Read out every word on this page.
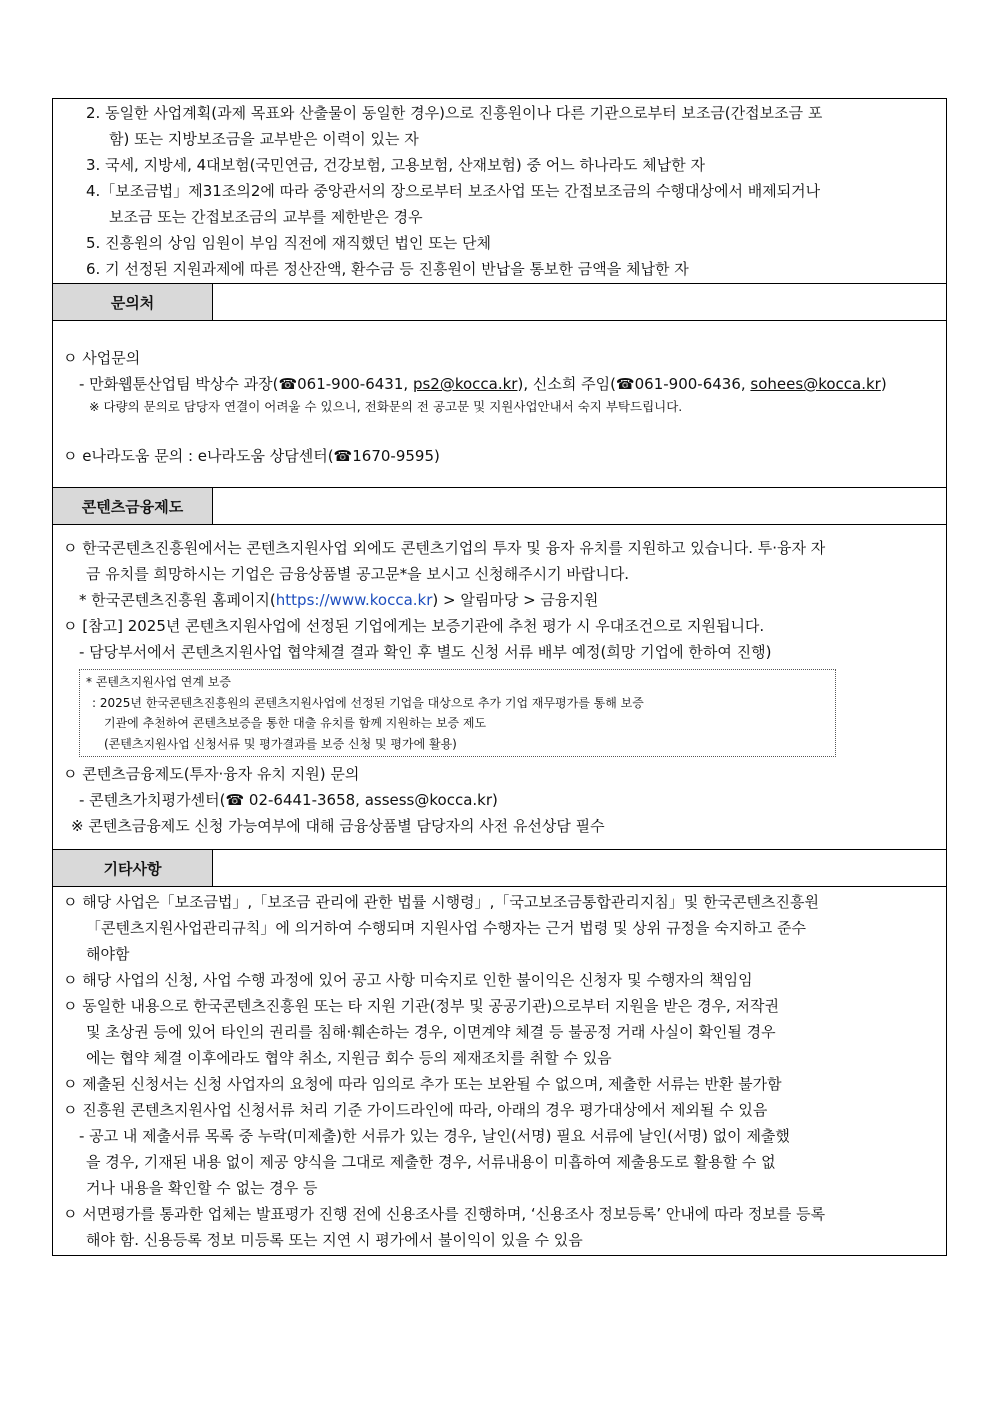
2. 동일한 사업계획(과제 목표와 산출물이 동일한 경우)으로 진흥원이나 다른 기관으로부터 보조금(간접보조금 포
함) 또는 지방보조금을 교부받은 이력이 있는 자
3. 국세, 지방세, 4대보험(국민연금, 건강보험, 고용보험, 산재보험) 중 어느 하나라도 체납한 자
4.「보조금법」제31조의2에 따라 중앙관서의 장으로부터 보조사업 또는 간접보조금의 수행대상에서 배제되거나
보조금 또는 간접보조금의 교부를 제한받은 경우
5. 진흥원의 상임 임원이 부임 직전에 재직했던 법인 또는 단체
6. 기 선정된 지원과제에 따른 정산잔액, 환수금 등 진흥원이 반납을 통보한 금액을 체납한 자
문의처
ㅇ 사업문의
- 만화웹툰산업팀 박상수 과장(☎061-900-6431, ps2@kocca.kr), 신소희 주임(☎061-900-6436, sohees@kocca.kr)
※ 다량의 문의로 담당자 연결이 어려울 수 있으니, 전화문의 전 공고문 및 지원사업안내서 숙지 부탁드립니다.
ㅇ e나라도움 문의 : e나라도움 상담센터(☎1670-9595)
콘텐츠금융제도
ㅇ 한국콘텐츠진흥원에서는 콘텐츠지원사업 외에도 콘텐츠기업의 투자 및 융자 유치를 지원하고 있습니다. 투·융자 자
금 유치를 희망하시는 기업은 금융상품별 공고문*을 보시고 신청해주시기 바랍니다.
* 한국콘텐츠진흥원 홈페이지(https://www.kocca.kr) > 알림마당 > 금융지원
ㅇ [참고] 2025년 콘텐츠지원사업에 선정된 기업에게는 보증기관에 추천 평가 시 우대조건으로 지원됩니다.
- 담당부서에서 콘텐츠지원사업 협약체결 결과 확인 후 별도 신청 서류 배부 예정(희망 기업에 한하여 진행)
* 콘텐츠지원사업 연계 보증
: 2025년 한국콘텐츠진흥원의 콘텐츠지원사업에 선정된 기업을 대상으로 추가 기업 재무평가를 통해 보증
기관에 추천하여 콘텐츠보증을 통한 대출 유치를 함께 지원하는 보증 제도
(콘텐츠지원사업 신청서류 및 평가결과를 보증 신청 및 평가에 활용)
ㅇ 콘텐츠금융제도(투자·융자 유치 지원) 문의
- 콘텐츠가치평가센터(☎ 02-6441-3658, assess@kocca.kr)
※ 콘텐츠금융제도 신청 가능여부에 대해 금융상품별 담당자의 사전 유선상담 필수
기타사항
ㅇ 해당 사업은「보조금법」,「보조금 관리에 관한 법률 시행령」,「국고보조금통합관리지침」및 한국콘텐츠진흥원
「콘텐츠지원사업관리규칙」에 의거하여 수행되며 지원사업 수행자는 근거 법령 및 상위 규정을 숙지하고 준수
해야함
ㅇ 해당 사업의 신청, 사업 수행 과정에 있어 공고 사항 미숙지로 인한 불이익은 신청자 및 수행자의 책임임
ㅇ 동일한 내용으로 한국콘텐츠진흥원 또는 타 지원 기관(정부 및 공공기관)으로부터 지원을 받은 경우, 저작권
및 초상권 등에 있어 타인의 권리를 침해·훼손하는 경우, 이면계약 체결 등 불공정 거래 사실이 확인될 경우
에는 협약 체결 이후에라도 협약 취소, 지원금 회수 등의 제재조치를 취할 수 있음
ㅇ 제출된 신청서는 신청 사업자의 요청에 따라 임의로 추가 또는 보완될 수 없으며, 제출한 서류는 반환 불가함
ㅇ 진흥원 콘텐츠지원사업 신청서류 처리 기준 가이드라인에 따라, 아래의 경우 평가대상에서 제외될 수 있음
- 공고 내 제출서류 목록 중 누락(미제출)한 서류가 있는 경우, 날인(서명) 필요 서류에 날인(서명) 없이 제출했
을 경우, 기재된 내용 없이 제공 양식을 그대로 제출한 경우, 서류내용이 미흡하여 제출용도로 활용할 수 없
거나 내용을 확인할 수 없는 경우 등
ㅇ 서면평가를 통과한 업체는 발표평가 진행 전에 신용조사를 진행하며, ‘신용조사 정보등록’ 안내에 따라 정보를 등록
해야 함. 신용등록 정보 미등록 또는 지연 시 평가에서 불이익이 있을 수 있음
